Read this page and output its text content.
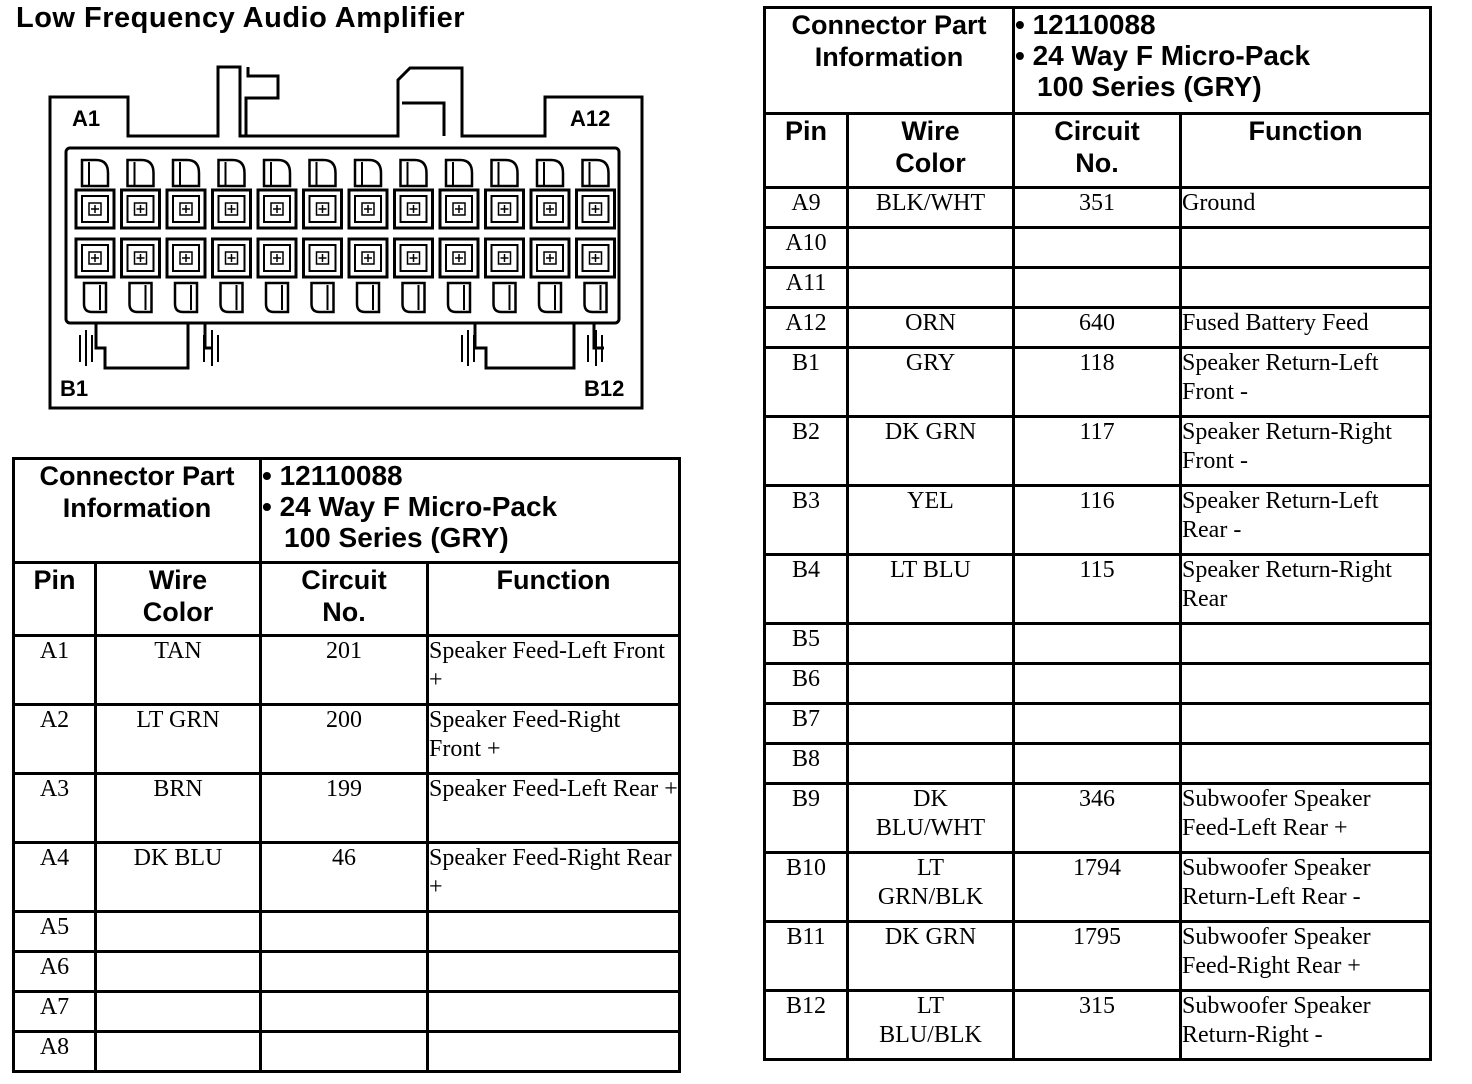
Low Frequency Audio Amplifier
A1	A12
B1	B12
Connector Part Information		• 12110088
• 24 Way F Micro-Pack
100 Series (GRY)	

Pin	Wire Color	Circuit No.	Function
A1	TAN	201	Speaker Feed-Left Front +
A2	LT GRN	200	Speaker Feed-Right Front +
A3	BRN	199	Speaker Feed-Left Rear +
A4	DK BLU	46	Speaker Feed-Right Rear +
A5			
A6			
A7			
A8			
Connector Part Information		• 12110088
• 24 Way F Micro-Pack
100 Series (GRY)	

Pin	Wire Color	Circuit No.	Function
A9	BLK/WHT	351	Ground
A10			
A11			
A12	ORN	640	Fused Battery Feed
B1	GRY	118	Speaker Return-Left Front -
B2	DK GRN	117	Speaker Return-Right Front -
B3	YEL	116	Speaker Return-Left Rear -
B4	LT BLU	115	Speaker Return-Right Rear
B5			
B6			
B7			
B8			
B9	DK BLU/WHT	346	Subwoofer Speaker Feed-Left Rear +
B10	LT GRN/BLK	1794	Subwoofer Speaker Return-Left Rear -
B11	DK GRN	1795	Subwoofer Speaker Feed-Right Rear +
B12	LT BLU/BLK	315	Subwoofer Speaker Return-Right -
